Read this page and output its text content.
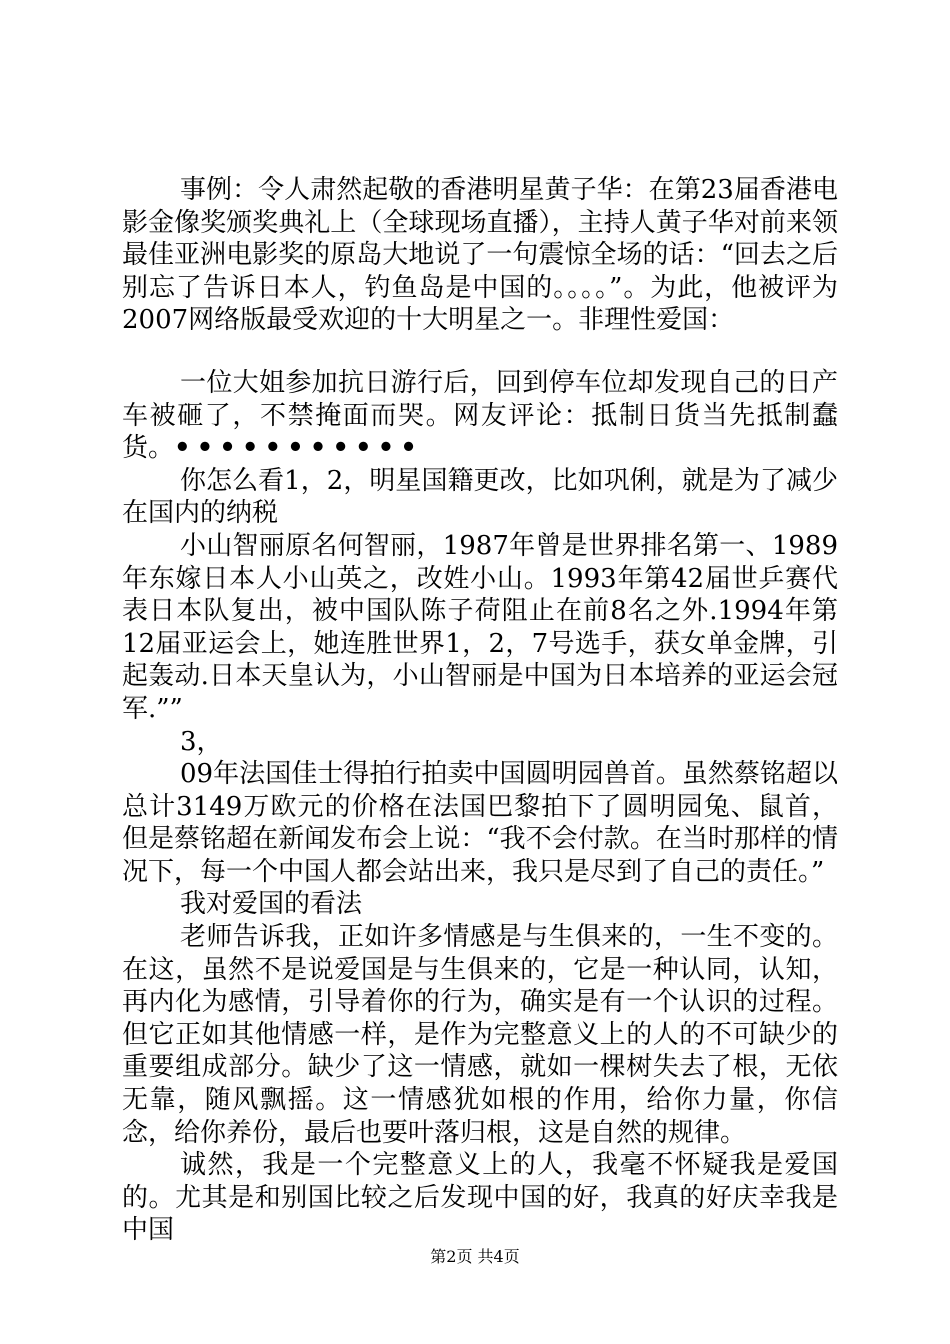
事例：令人肃然起敬的香港明星黄子华：在第23届香港电影金像奖颁奖典礼上（全球现场直播），主持人黄子华对前来领最佳亚洲电影奖的原岛大地说了一句震惊全场的话：“回去之后别忘了告诉日本人，钓鱼岛是中国的。。。。”。为此，他被评为2007网络版最受欢迎的十大明星之一。非理性爱国：

一位大姐参加抗日游行后，回到停车位却发现自己的日产车被砸了，不禁掩面而哭。网友评论：抵制日货当先抵制蠢货。•••••••••••

你怎么看1，2，明星国籍更改，比如巩俐，就是为了减少在国内的纳税

小山智丽原名何智丽，1987年曾是世界排名第一、1989年东嫁日本人小山英之，改姓小山。1993年第42届世乒赛代表日本队复出，被中国队陈子荷阻止在前8名之外.1994年第12届亚运会上，她连胜世界1，2，7号选手，获女单金牌，引起轰动.日本天皇认为，小山智丽是中国为日本培养的亚运会冠军.””

3，

09年法国佳士得拍行拍卖中国圆明园兽首。虽然蔡铭超以总计3149万欧元的价格在法国巴黎拍下了圆明园兔、鼠首，但是蔡铭超在新闻发布会上说：“我不会付款。在当时那样的情况下，每一个中国人都会站出来，我只是尽到了自己的责任。”

我对爱国的看法

老师告诉我，正如许多情感是与生俱来的，一生不变的。在这，虽然不是说爱国是与生俱来的，它是一种认同，认知，再内化为感情，引导着你的行为，确实是有一个认识的过程。但它正如其他情感一样，是作为完整意义上的人的不可缺少的重要组成部分。缺少了这一情感，就如一棵树失去了根，无依无靠，随风飘摇。这一情感犹如根的作用，给你力量，你信念，给你养份，最后也要叶落归根，这是自然的规律。

诚然，我是一个完整意义上的人，我毫不怀疑我是爱国的。尤其是和别国比较之后发现中国的好，我真的好庆幸我是中国

第2页 共4页
